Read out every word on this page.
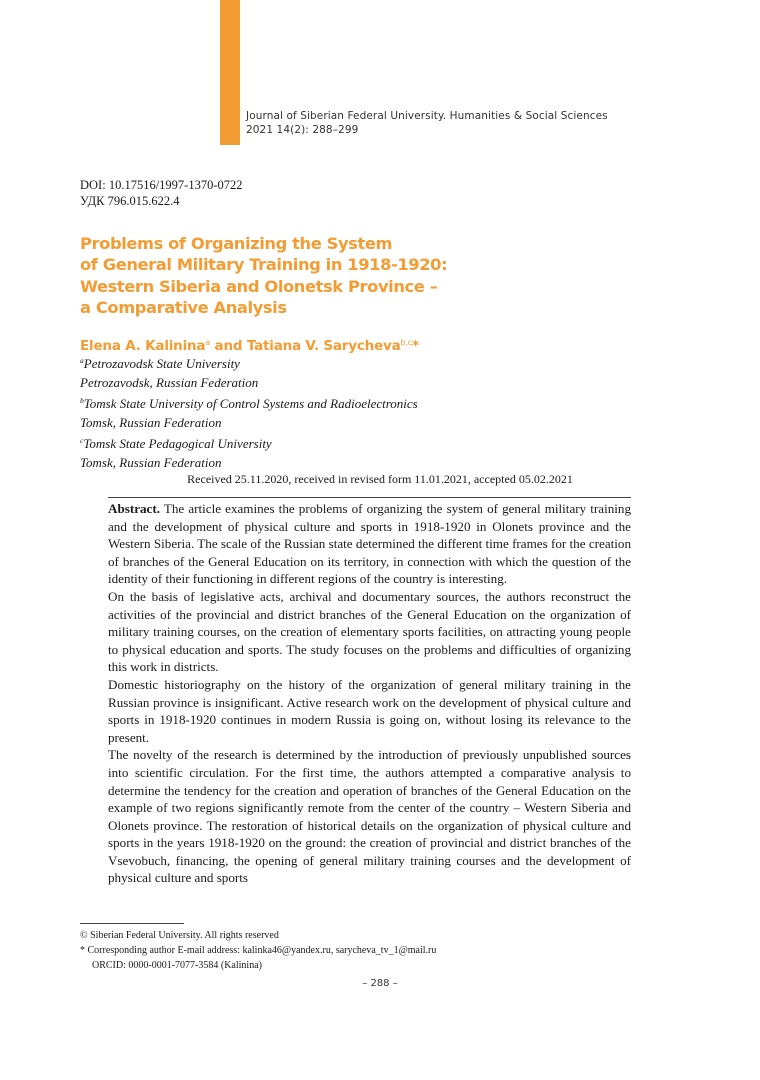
Journal of Siberian Federal University. Humanities & Social Sciences
2021 14(2): 288–299
DOI: 10.17516/1997-1370-0722
УДК 796.015.622.4
Problems of Organizing the System
of General Military Training in 1918-1920:
Western Siberia and Olonetsk Province –
a Comparative Analysis
Elena A. Kalinina$^a$ and Tatiana V. Sarycheva$^{b,c}$*
$^a$Petrozavodsk State University
Petrozavodsk, Russian Federation
$^b$Tomsk State University of Control Systems and Radioelectronics
Tomsk, Russian Federation
$^c$Tomsk State Pedagogical University
Tomsk, Russian Federation
Received 25.11.2020, received in revised form 11.01.2021, accepted 05.02.2021

Abstract. The article examines the problems of organizing the system of general military training and the development of physical culture and sports in 1918-1920 in Olonets province and the Western Siberia. The scale of the Russian state determined the different time frames for the creation of branches of the General Education on its territory, in connection with which the question of the identity of their functioning in different regions of the country is interesting.

On the basis of legislative acts, archival and documentary sources, the authors reconstruct the activities of the provincial and district branches of the General Education on the organization of military training courses, on the creation of elementary sports facilities, on attracting young people to physical education and sports. The study focuses on the problems and difficulties of organizing this work in districts.

Domestic historiography on the history of the organization of general military training in the Russian province is insignificant. Active research work on the development of physical culture and sports in 1918-1920 continues in modern Russia is going on, without losing its relevance to the present.

The novelty of the research is determined by the introduction of previously unpublished sources into scientific circulation. For the first time, the authors attempted a comparative analysis to determine the tendency for the creation and operation of branches of the General Education on the example of two regions significantly remote from the center of the country – Western Siberia and Olonets province. The restoration of historical details on the organization of physical culture and sports in the years 1918-1920 on the ground: the creation of provincial and district branches of the Vsevobuch, financing, the opening of general military training courses and the development of physical culture and sports

© Siberian Federal University. All rights reserved
* Corresponding author E-mail address: kalinka46@yandex.ru, sarycheva_tv_1@mail.ru
ORCID: 0000-0001-7077-3584 (Kalinina)
– 288 –
